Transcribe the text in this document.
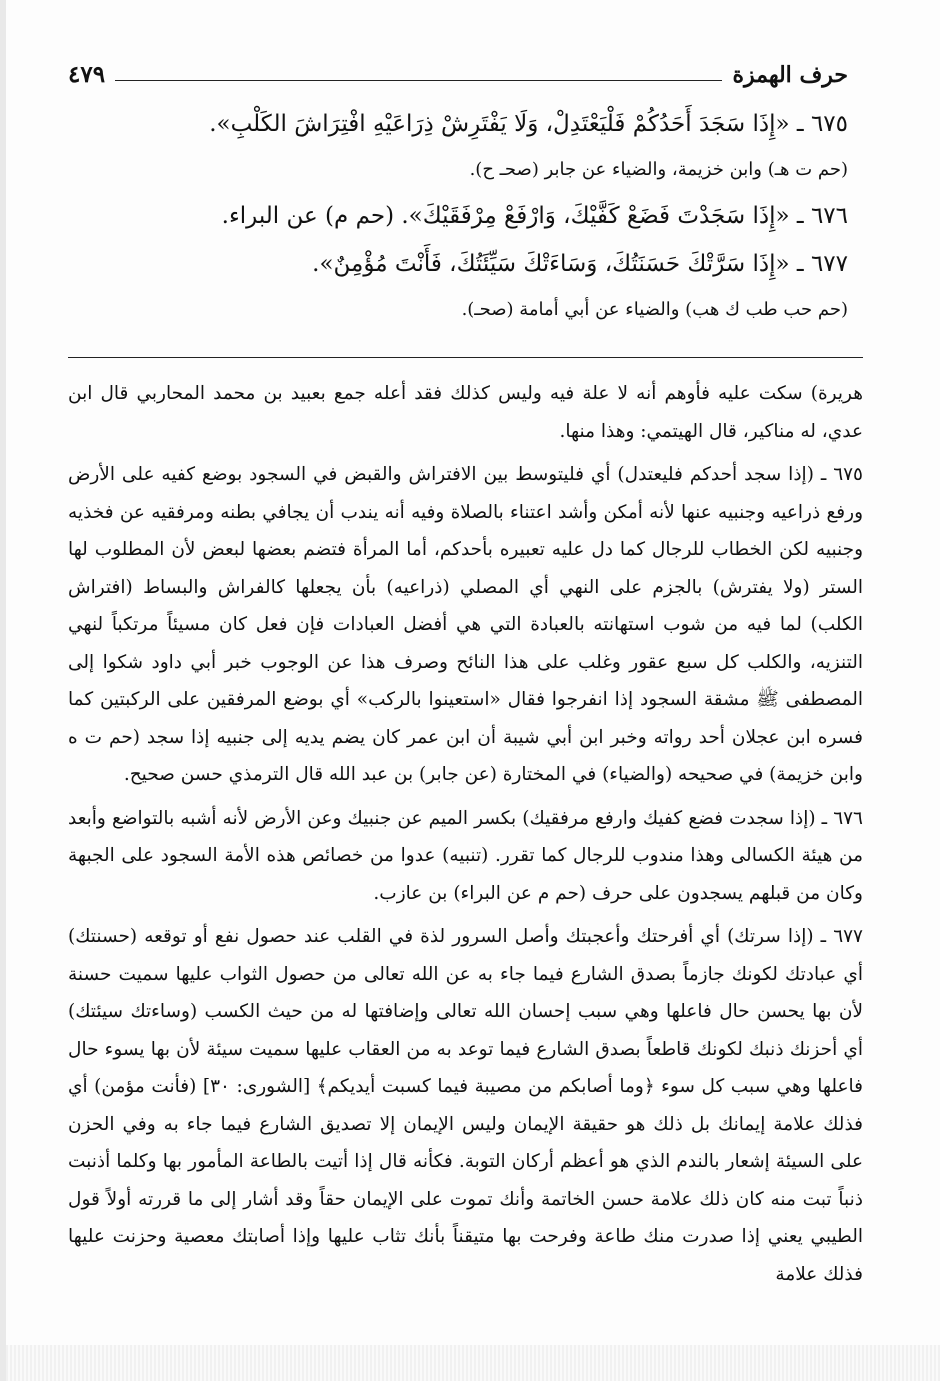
٤٧٩	حرف الهمزة
٦٧٥ ـ «إِذَا سَجَدَ أَحَدُكُمْ فَلْيَعْتَدِلْ، وَلَا يَفْتَرِشْ ذِرَاعَيْهِ افْتِرَاشَ الكَلْبِ».
(حم ت هـ) وابن خزيمة، والضياء عن جابر (صحـ ح).
٦٧٦ ـ «إِذَا سَجَدْتَ فَضَعْ كَفَّيْكَ، وَارْفَعْ مِرْفَقَيْكَ». (حم م) عن البراء.
٦٧٧ ـ «إِذَا سَرَّتْكَ حَسَنَتُكَ، وَسَاءَتْكَ سَيِّئَتُكَ، فَأَنْتَ مُؤْمِنٌ».
(حم حب طب ك هب) والضياء عن أبي أمامة (صحـ).

هريرة) سكت عليه فأوهم أنه لا علة فيه وليس كذلك فقد أعله جمع بعبيد بن محمد المحاربي قال ابن عدي، له مناكير، قال الهيتمي: وهذا منها.

٦٧٥ ـ (إذا سجد أحدكم فليعتدل) أي فليتوسط بين الافتراش والقبض في السجود بوضع كفيه على الأرض ورفع ذراعيه وجنبيه عنها لأنه أمكن وأشد اعتناء بالصلاة وفيه أنه يندب أن يجافي بطنه ومرفقيه عن فخذيه وجنبيه لكن الخطاب للرجال كما دل عليه تعبيره بأحدكم، أما المرأة فتضم بعضها لبعض لأن المطلوب لها الستر (ولا يفترش) بالجزم على النهي أي المصلي (ذراعيه) بأن يجعلها كالفراش والبساط (افتراش الكلب) لما فيه من شوب استهانته بالعبادة التي هي أفضل العبادات فإن فعل كان مسيئاً مرتكباً لنهي التنزيه، والكلب كل سبع عقور وغلب على هذا النائح وصرف هذا عن الوجوب خبر أبي داود شكوا إلى المصطفى ﷺ مشقة السجود إذا انفرجوا فقال «استعينوا بالركب» أي بوضع المرفقين على الركبتين كما فسره ابن عجلان أحد رواته وخبر ابن أبي شيبة أن ابن عمر كان يضم يديه إلى جنبيه إذا سجد (حم ت ه وابن خزيمة) في صحيحه (والضياء) في المختارة (عن جابر) بن عبد الله قال الترمذي حسن صحيح.

٦٧٦ ـ (إذا سجدت فضع كفيك وارفع مرفقيك) بكسر الميم عن جنبيك وعن الأرض لأنه أشبه بالتواضع وأبعد من هيئة الكسالى وهذا مندوب للرجال كما تقرر. (تنبيه) عدوا من خصائص هذه الأمة السجود على الجبهة وكان من قبلهم يسجدون على حرف (حم م عن البراء) بن عازب.

٦٧٧ ـ (إذا سرتك) أي أفرحتك وأعجبتك وأصل السرور لذة في القلب عند حصول نفع أو توقعه (حسنتك) أي عبادتك لكونك جازماً بصدق الشارع فيما جاء به عن الله تعالى من حصول الثواب عليها سميت حسنة لأن بها يحسن حال فاعلها وهي سبب إحسان الله تعالى وإضافتها له من حيث الكسب (وساءتك سيئتك) أي أحزنك ذنبك لكونك قاطعاً بصدق الشارع فيما توعد به من العقاب عليها سميت سيئة لأن بها يسوء حال فاعلها وهي سبب كل سوء ﴿وما أصابكم من مصيبة فيما كسبت أيديكم﴾ [الشورى: ٣٠] (فأنت مؤمن) أي فذلك علامة إيمانك بل ذلك هو حقيقة الإيمان وليس الإيمان إلا تصديق الشارع فيما جاء به وفي الحزن على السيئة إشعار بالندم الذي هو أعظم أركان التوبة. فكأنه قال إذا أتيت بالطاعة المأمور بها وكلما أذنبت ذنباً تبت منه كان ذلك علامة حسن الخاتمة وأنك تموت على الإيمان حقاً وقد أشار إلى ما قررته أولاً قول الطيبي يعني إذا صدرت منك طاعة وفرحت بها متيقناً بأنك تثاب عليها وإذا أصابتك معصية وحزنت عليها فذلك علامة
